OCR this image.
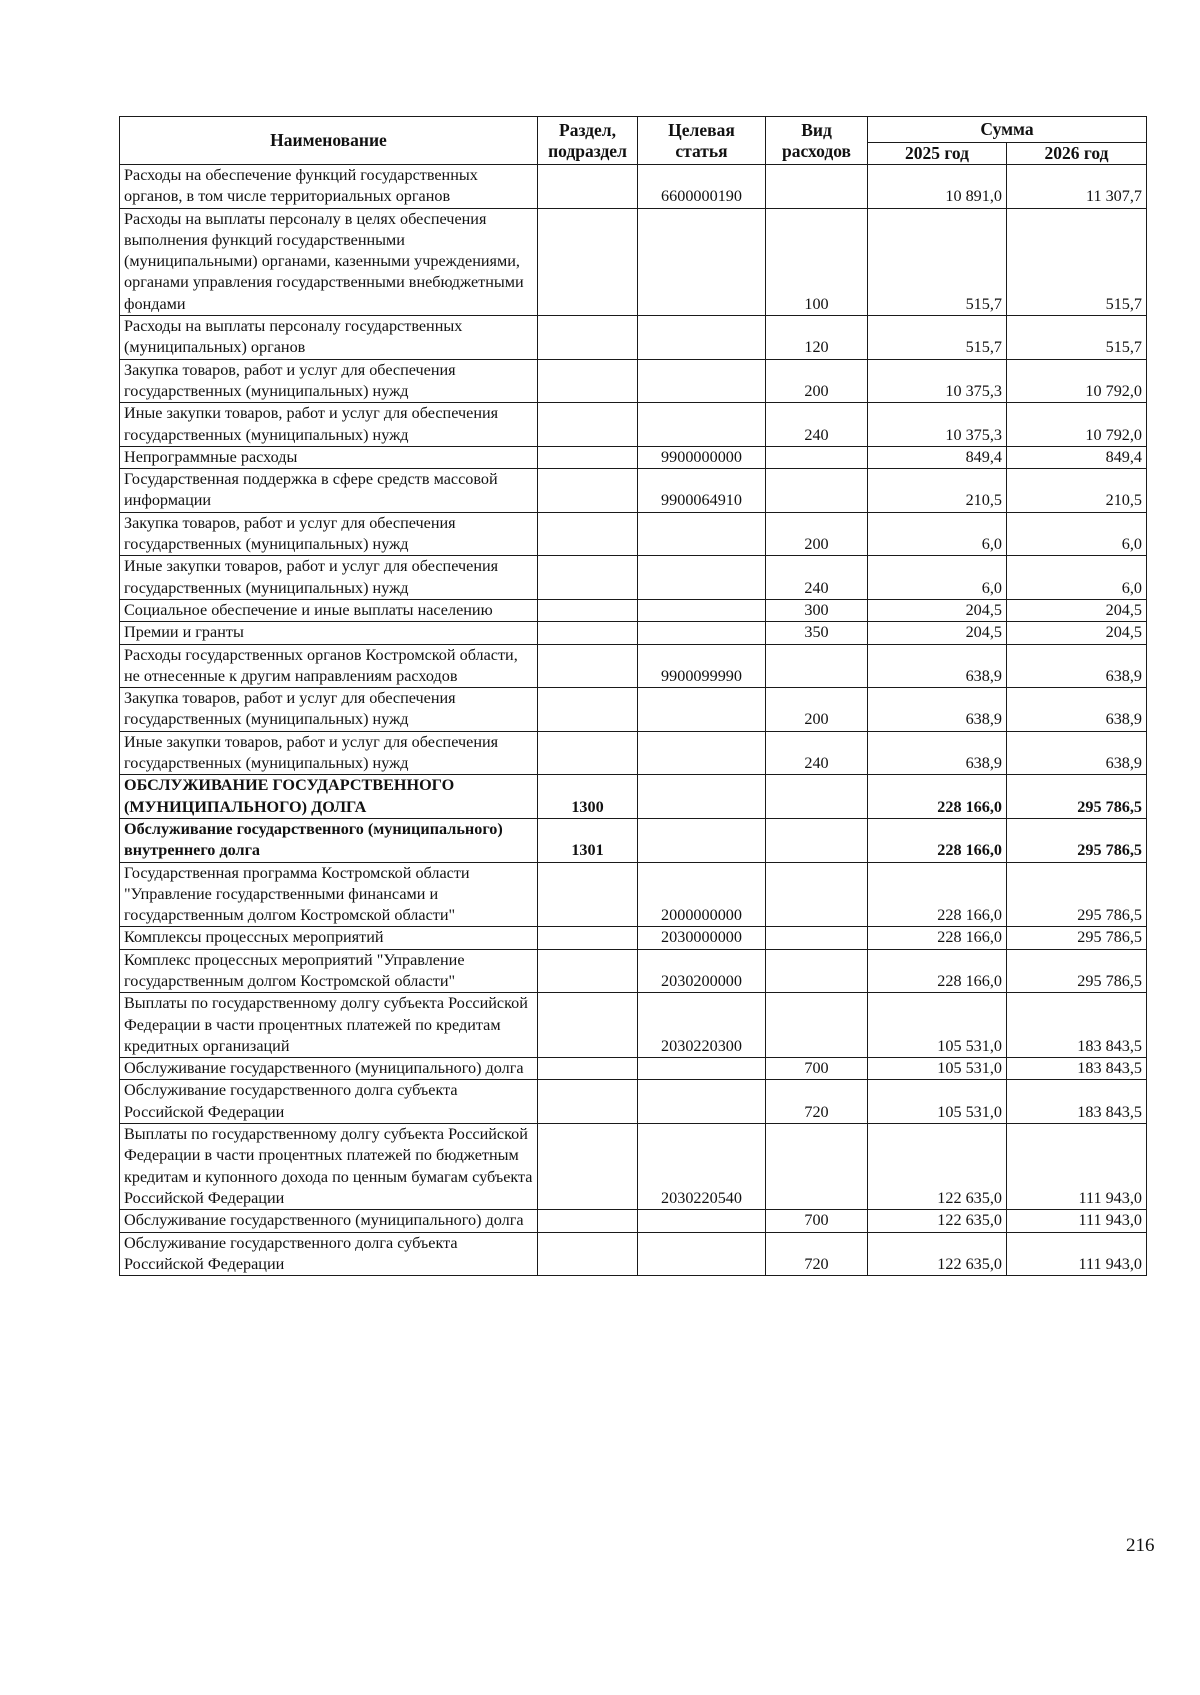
Наименование	Раздел, подраздел	Целевая статья	Вид расходов	Сумма	
				2025 год	2026 год
Расходы на обеспечение функций государственных органов, в том числе территориальных органов		6600000190		10 891,0	11 307,7
Расходы на выплаты персоналу в целях обеспечения выполнения функций государственными (муниципальными) органами, казенными учреждениями, органами управления государственными внебюджетными фондами			100	515,7	515,7
Расходы на выплаты персоналу государственных (муниципальных) органов			120	515,7	515,7
Закупка товаров, работ и услуг для обеспечения государственных (муниципальных) нужд			200	10 375,3	10 792,0
Иные закупки товаров, работ и услуг для обеспечения государственных (муниципальных) нужд			240	10 375,3	10 792,0
Непрограммные расходы		9900000000		849,4	849,4
Государственная поддержка в сфере средств массовой информации		9900064910		210,5	210,5
Закупка товаров, работ и услуг для обеспечения государственных (муниципальных) нужд			200	6,0	6,0
Иные закупки товаров, работ и услуг для обеспечения государственных (муниципальных) нужд			240	6,0	6,0
Социальное обеспечение и иные выплаты населению			300	204,5	204,5
Премии и гранты			350	204,5	204,5
Расходы государственных органов Костромской области, не отнесенные к другим направлениям расходов		9900099990		638,9	638,9
Закупка товаров, работ и услуг для обеспечения государственных (муниципальных) нужд			200	638,9	638,9
Иные закупки товаров, работ и услуг для обеспечения государственных (муниципальных) нужд			240	638,9	638,9
ОБСЛУЖИВАНИЕ ГОСУДАРСТВЕННОГО (МУНИЦИПАЛЬНОГО) ДОЛГА	1300			228 166,0	295 786,5
Обслуживание государственного (муниципального) внутреннего долга	1301			228 166,0	295 786,5
Государственная программа Костромской области "Управление государственными финансами и государственным долгом Костромской области"		2000000000		228 166,0	295 786,5
Комплексы процессных мероприятий		2030000000		228 166,0	295 786,5
Комплекс процессных мероприятий "Управление государственным долгом Костромской области"		2030200000		228 166,0	295 786,5
Выплаты по государственному долгу субъекта Российской Федерации в части процентных платежей по кредитам кредитных организаций		2030220300		105 531,0	183 843,5
Обслуживание государственного (муниципального) долга			700	105 531,0	183 843,5
Обслуживание государственного долга субъекта Российской Федерации			720	105 531,0	183 843,5
Выплаты по государственному долгу субъекта Российской Федерации в части процентных платежей по бюджетным кредитам и купонного дохода по ценным бумагам субъекта Российской Федерации		2030220540		122 635,0	111 943,0
Обслуживание государственного (муниципального) долга			700	122 635,0	111 943,0
Обслуживание государственного долга субъекта Российской Федерации			720	122 635,0	111 943,0
216
